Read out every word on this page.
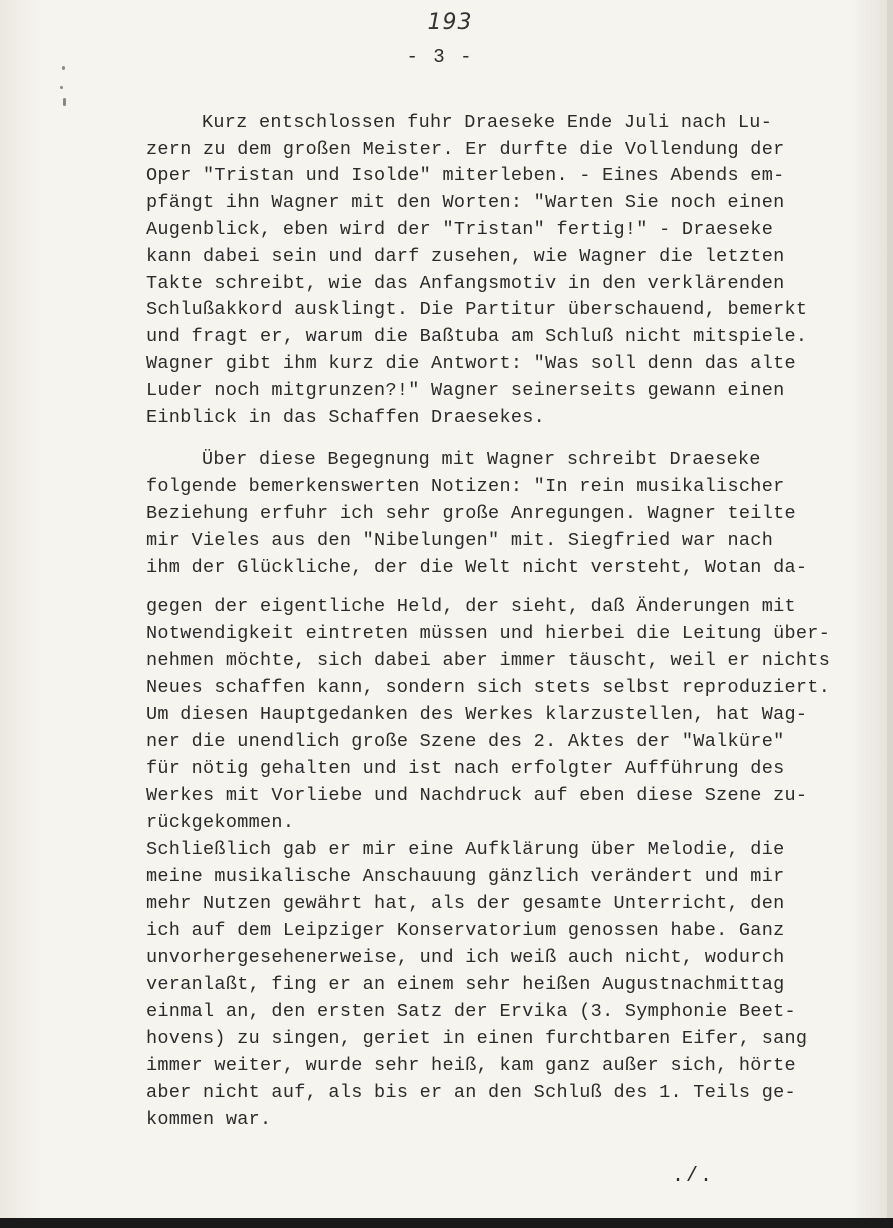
193
- 3 -
Kurz entschlossen fuhr Draeseke Ende Juli nach Lu-
zern zu dem großen Meister. Er durfte die Vollendung der
Oper "Tristan und Isolde" miterleben. - Eines Abends em-
pfängt ihn Wagner mit den Worten: "Warten Sie noch einen
Augenblick, eben wird der "Tristan" fertig!" - Draeseke
kann dabei sein und darf zusehen, wie Wagner die letzten
Takte schreibt, wie das Anfangsmotiv in den verklärenden
Schlußakkord ausklingt. Die Partitur überschauend, bemerkt
und fragt er, warum die Baßtuba am Schluß nicht mitspiele.
Wagner gibt ihm kurz die Antwort: "Was soll denn das alte
Luder noch mitgrunzen?!" Wagner seinerseits gewann einen
Einblick in das Schaffen Draesekes.
Über diese Begegnung mit Wagner schreibt Draeseke
folgende bemerkenswerten Notizen: "In rein musikalischer
Beziehung erfuhr ich sehr große Anregungen. Wagner teilte
mir Vieles aus den "Nibelungen" mit. Siegfried war nach
ihm der Glückliche, der die Welt nicht versteht, Wotan da-
gegen der eigentliche Held, der sieht, daß Änderungen mit
Notwendigkeit eintreten müssen und hierbei die Leitung über-
nehmen möchte, sich dabei aber immer täuscht, weil er nichts
Neues schaffen kann, sondern sich stets selbst reproduziert.
Um diesen Hauptgedanken des Werkes klarzustellen, hat Wag-
ner die unendlich große Szene des 2. Aktes der "Walküre"
für nötig gehalten und ist nach erfolgter Aufführung des
Werkes mit Vorliebe und Nachdruck auf eben diese Szene zu-
rückgekommen.
Schließlich gab er mir eine Aufklärung über Melodie, die
meine musikalische Anschauung gänzlich verändert und mir
mehr Nutzen gewährt hat, als der gesamte Unterricht, den
ich auf dem Leipziger Konservatorium genossen habe. Ganz
unvorhergesehenerweise, und ich weiß auch nicht, wodurch
veranlaßt, fing er an einem sehr heißen Augustnachmittag
einmal an, den ersten Satz der Ervika (3. Symphonie Beet-
hovens) zu singen, geriet in einen furchtbaren Eifer, sang
immer weiter, wurde sehr heiß, kam ganz außer sich, hörte
aber nicht auf, als bis er an den Schluß des 1. Teils ge-
kommen war.
./.
